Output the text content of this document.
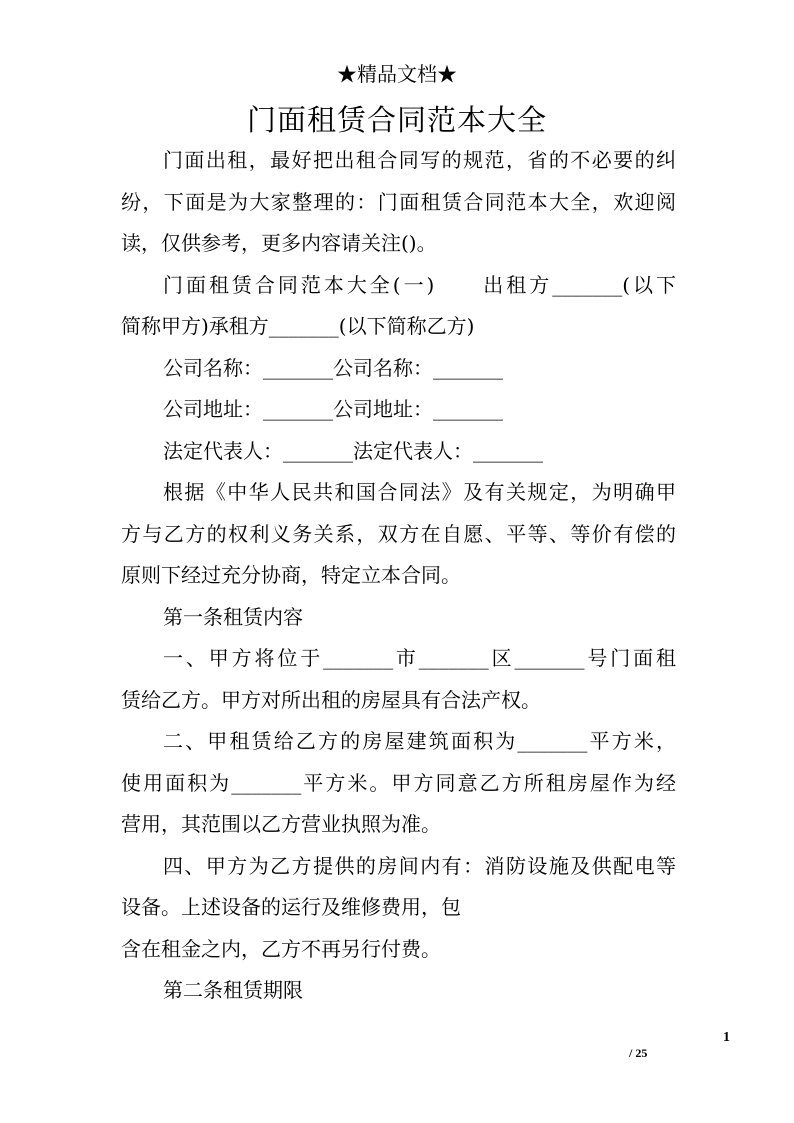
★精品文档★
门面租赁合同范本大全

门面出租，最好把出租合同写的规范，省的不必要的纠

纷，下面是为大家整理的：门面租赁合同范本大全，欢迎阅

读，仅供参考，更多内容请关注()。

门面租赁合同范本大全(一)　　出租方_______(以下

简称甲方)承租方_______(以下简称乙方)

公司名称：_______公司名称：_______

公司地址：_______公司地址：_______

法定代表人：_______法定代表人：_______

根据《中华人民共和国合同法》及有关规定，为明确甲

方与乙方的权利义务关系，双方在自愿、平等、等价有偿的

原则下经过充分协商，特定立本合同。

第一条租赁内容

一、甲方将位于_______市_______区_______号门面租

赁给乙方。甲方对所出租的房屋具有合法产权。

二、甲租赁给乙方的房屋建筑面积为_______平方米，

使用面积为_______平方米。甲方同意乙方所租房屋作为经

营用，其范围以乙方营业执照为准。

四、甲方为乙方提供的房间内有：消防设施及供配电等

设备。上述设备的运行及维修费用，包

含在租金之内，乙方不再另行付费。

第二条租赁期限

1
/ 25
